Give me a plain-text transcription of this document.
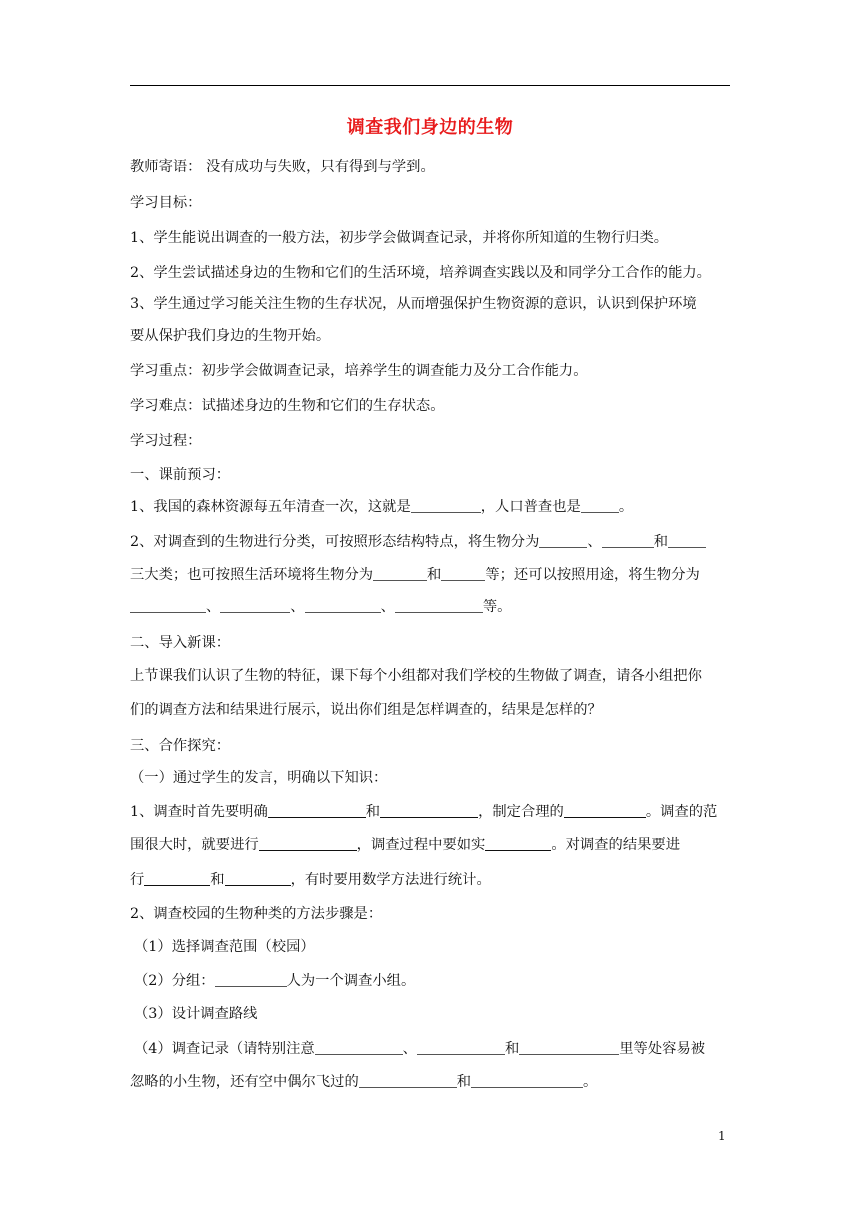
调查我们身边的生物
教师寄语： 没有成功与失败，只有得到与学到。
学习目标：
1、学生能说出调查的一般方法，初步学会做调查记录，并将你所知道的生物行归类。
2、学生尝试描述身边的生物和它们的生活环境，培养调查实践以及和同学分工合作的能力。
3、学生通过学习能关注生物的生存状况，从而增强保护生物资源的意识，认识到保护环境
要从保护我们身边的生物开始。
学习重点：初步学会做调查记录，培养学生的调查能力及分工合作能力。
学习难点：试描述身边的生物和它们的生存状态。
学习过程：
一、课前预习：
1、我国的森林资源每五年清查一次，这就是	，人口普查也是	。
2、对调查到的生物进行分类，可按照形态结构特点，将生物分为	、	和
三大类；也可按照生活环境将生物分为	和	等；还可以按照用途，将生物分为
、	、	、	等。
二、导入新课：
上节课我们认识了生物的特征，课下每个小组都对我们学校的生物做了调查，请各小组把你
们的调查方法和结果进行展示，说出你们组是怎样调查的，结果是怎样的？
三、合作探究：
（一）通过学生的发言，明确以下知识：
1、调查时首先要明确	和	，制定合理的	。调查的范
围很大时，就要进行	，调查过程中要如实	。对调查的结果要进
行	和	，有时要用数学方法进行统计。
2、调查校园的生物种类的方法步骤是：
（1）选择调查范围（校园）
（2）分组：	人为一个调查小组。
（3）设计调查路线
（4）调查记录（请特别注意	、	和	里等处容易被
忽略的小生物，还有空中偶尔飞过的	和	。
1
